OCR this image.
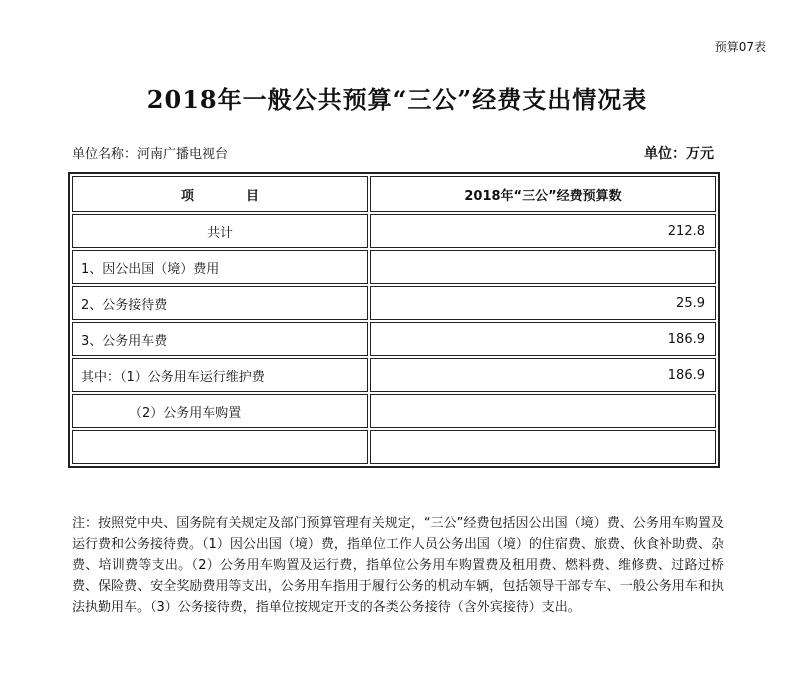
预算07表
2018年一般公共预算“三公”经费支出情况表
单位名称：河南广播电视台	单位：万元
项　　　　目	2018年“三公”经费预算数
共计	212.8
1、因公出国（境）费用	
2、公务接待费	25.9
3、公务用车费	186.9
其中：（1）公务用车运行维护费	186.9
（2）公务用车购置	

注：按照党中央、国务院有关规定及部门预算管理有关规定，“三公”经费包括因公出国（境）费、公务用车购置及运行费和公务接待费。（1）因公出国（境）费，指单位工作人员公务出国（境）的住宿费、旅费、伙食补助费、杂费、培训费等支出。（2）公务用车购置及运行费，指单位公务用车购置费及租用费、燃料费、维修费、过路过桥费、保险费、安全奖励费用等支出，公务用车指用于履行公务的机动车辆，包括领导干部专车、一般公务用车和执法执勤用车。（3）公务接待费，指单位按规定开支的各类公务接待（含外宾接待）支出。
